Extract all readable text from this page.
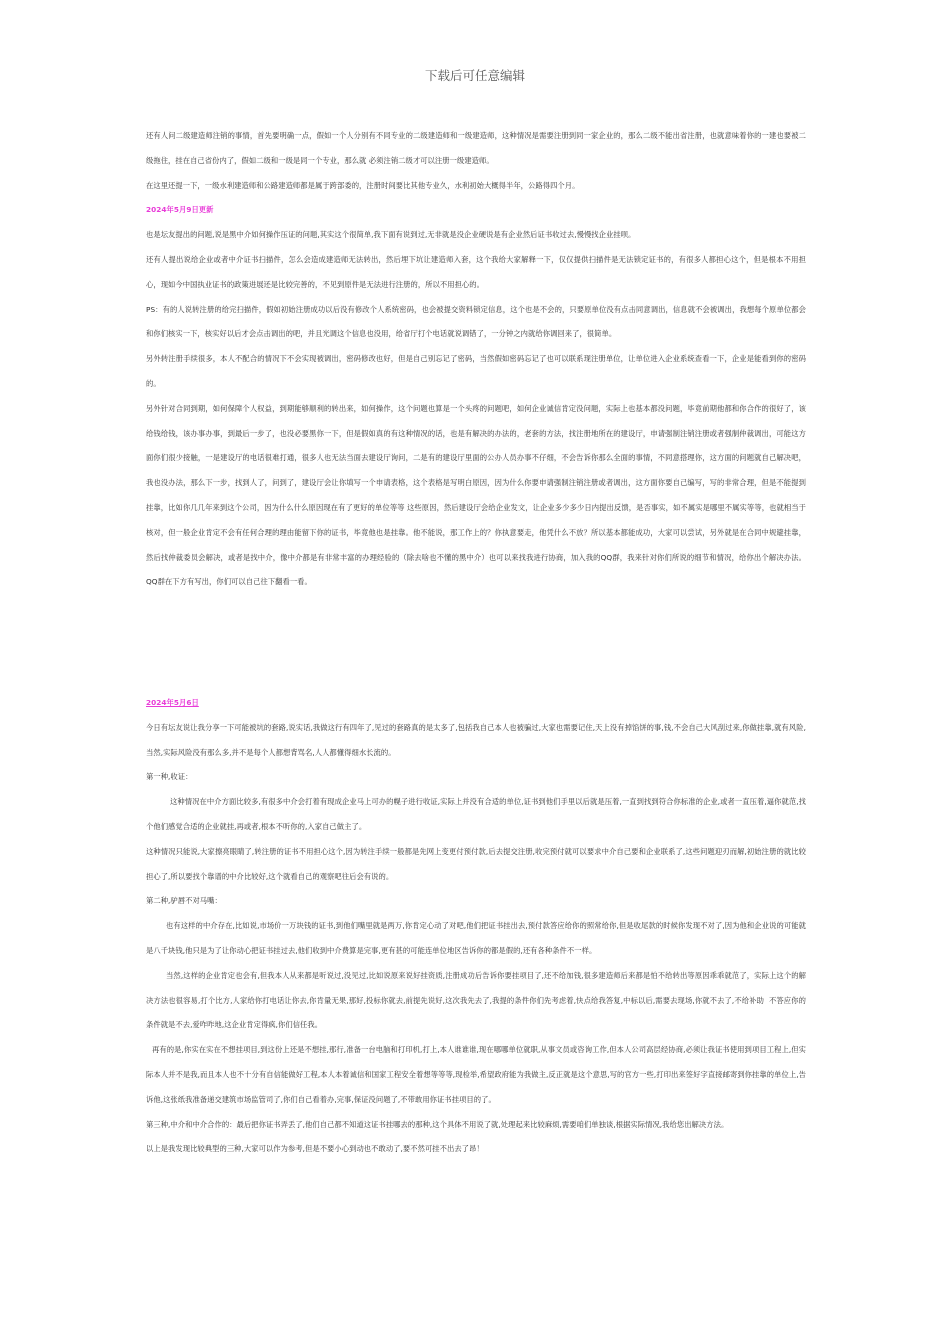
下载后可任意编辑

还有人问二级建造师注销的事情，首先要明确一点，假如一个人分别有不同专业的二级建造师和一级建造师，这种情况是需要注册到同一家企业的，那么二级不能出省注册，也就意味着你的一建也要被二级拖住，挂在自己省份内了，假如二级和一级是同一个专业，那么就 必须注销二级才可以注册一级建造师。

在这里还提一下，一级水利建造师和公路建造师都是属于跨部委的，注册时间要比其他专业久，水利初始大概得半年，公路得四个月。

2024年5月9日更新

也是坛友提出的问题,说是黑中介如何操作压证的问题,其实这个很简单,我下面有说到过,无非就是没企业硬说是有企业然后证书收过去,慢慢找企业挂呗。

还有人提出说给企业或者中介证书扫描件，怎么会造成建造师无法转出，然后埋下坑让建造师入套，这个我给大家解释一下，仅仅提供扫描件是无法锁定证书的，有很多人都担心这个，但是根本不用担心，现如今中国执业证书的政策进展还是比较完善的，不见到原件是无法进行注册的，所以不用担心的。

PS：有的人说转注册的给完扫描件，假如初始注册成功以后没有修改个人系统密码，也会被提交资料锁定信息，这个也是不会的，只要原单位没有点击同意调出，信息就不会被调出，我想每个原单位都会和你们核实一下，核实好以后才会点击调出的吧，并且光调这个信息也没用，给省厅打个电话就说调错了，一分钟之内就给你调回来了，很简单。

另外转注册手续很多，本人不配合的情况下不会实现被调出，密码修改也好，但是自己别忘记了密码，当然假如密码忘记了也可以联系现注册单位，让单位进入企业系统查看一下，企业是能看到你的密码的。

另外针对合同到期，如何保障个人权益，到期能够顺利的转出来，如何操作，这个问题也算是一个头疼的问题吧，如何企业诚信肯定没问题，实际上也基本都没问题，毕竟前期他都和你合作的很好了，该给钱给钱，该办事办事，到最后一步了，也没必要黑你一下，但是假如真的有这种情况的话，也是有解决的办法的，老套的方法，找注册地所在的建设厅，申请强制注销注册或者强制仲裁调出，可能这方面你们很少接触，一是建设厅的电话很难打通，很多人也无法当面去建设厅询问，二是有的建设厅里面的公办人员办事不仔细，不会告诉你那么全面的事情，不同意搭理你，这方面的问题就自己解决吧，我也没办法，那么下一步，找到人了，问到了，建设厅会让你填写一个申请表格，这个表格是写明白原因，因为什么你要申请强制注销注册或者调出，这方面你要自己编写，写的非常合理，但是不能提到挂靠，比如你几几年来到这个公司，因为什么什么原因现在有了更好的单位等等 这些原因，然后建设厅会给企业发文，让企业多少多少日内提出反馈，是否事实，如不属实是哪里不属实等等，也就相当于核对，但一般企业肯定不会有任何合理的理由能留下你的证书，毕竟他也是挂靠。他不能说，那工作上的？你执意要走，他凭什么不放？所以基本都能成功，大家可以尝试，另外就是在合同中规避挂靠，然后找仲裁委员会解决，或者是找中介，像中介都是有非常丰富的办理经验的（除去啥也不懂的黑中介）也可以来找我进行协商，加入我的QQ群，我来针对你们所说的细节和情况，给你出个解决办法。QQ群在下方有写出，你们可以自己往下翻看一看。

2024年5月6日

今日有坛友说让我分享一下可能被坑的套路,说实话,我做这行有四年了,见过的套路真的是太多了,包括我自己本人也被骗过,大家也需要记住,天上没有掉馅饼的事,钱,不会自己大风刮过来,你做挂靠,就有风险,当然,实际风险没有那么多,并不是每个人都想背骂名,人人都懂得细水长流的。

第一种,收证：

这种情况在中介方面比较多,有很多中介会打着有现成企业马上可办的幌子进行收证,实际上并没有合适的单位,证书到他们手里以后就是压着,一直到找到符合你标准的企业,或者一直压着,逼你就范,找个他们感觉合适的企业就挂,再或者,根本不听你的,入家自己做主了。

这种情况只能说,大家擦亮眼睛了,转注册的证书不用担心这个,因为转注手续一般都是先网上变更付预付款,后去提交注册,收完预付就可以要求中介自己要和企业联系了,这些问题迎刃而解,初始注册的就比较担心了,所以要找个靠谱的中介比较好,这个就看自己的观察吧往后会有说的。

第二种,驴唇不对马嘴：

也有这样的中介存在,比如说,市场价一万块钱的证书,到他们嘴里就是两万,你肯定心动了对吧,他们把证书挂出去,预付款答应给你的照常给你,但是收尾款的时候你发现不对了,因为他和企业说的可能就是八千块钱,他只是为了让你动心把证书挂过去,他们收到中介费算是完事,更有甚的可能连单位地区告诉你的都是假的,还有各种条件不一样。

当然,这样的企业肯定也会有,但我本人从来都是听说过,没见过,比如说原来说好挂资质,注册成功后告诉你要挂项目了,还不给加钱,很多建造师后来都是怕不给转出等原因乖乖就范了，实际上这个的解决方法也很容易,打个比方,人家给你打电话让你去,你肯量无果,那好,投标你就去,前提先说好,这次我先去了,我提的条件你们先考虑着,快点给我答复,中标以后,需要去现场,你就不去了,不给补助  不答应你的条件就是不去,爱咋咋地,这企业肯定得疯,你们信任我。

再有的是,你实在实在不想挂项目,到这份上还是不想挂,那行,准备一台电脑和打印机,打上,本人谁谁谁,现在哪哪单位就职,从事文员或咨询工作,但本人公司高层经协商,必须让我证书使用到项目工程上,但实际本人并不是我,而且本人也不十分有自信能做好工程,本人本着诚信和国家工程安全着想等等等,现检举,希望政府能为我做主,反正就是这个意思,写的官方一些,打印出来签好字直接邮寄到你挂靠的单位上,告诉他,这张纸我准备递交建筑市场监管司了,你们自己看着办,完事,保证没问题了,不带敢用你证书挂项目的了。

第三种,中介和中介合作的：最后把你证书弄丢了,他们自己都不知道这证书挂哪去的那种,这个具体不用说了就,处理起来比较麻烦,需要咱们单独谈,根据实际情况,我给您出解决方法。

以上是我发现比较典型的三种,大家可以作为参考,但是不要小心到动也不敢动了,要不然可挂不出去了昂！
